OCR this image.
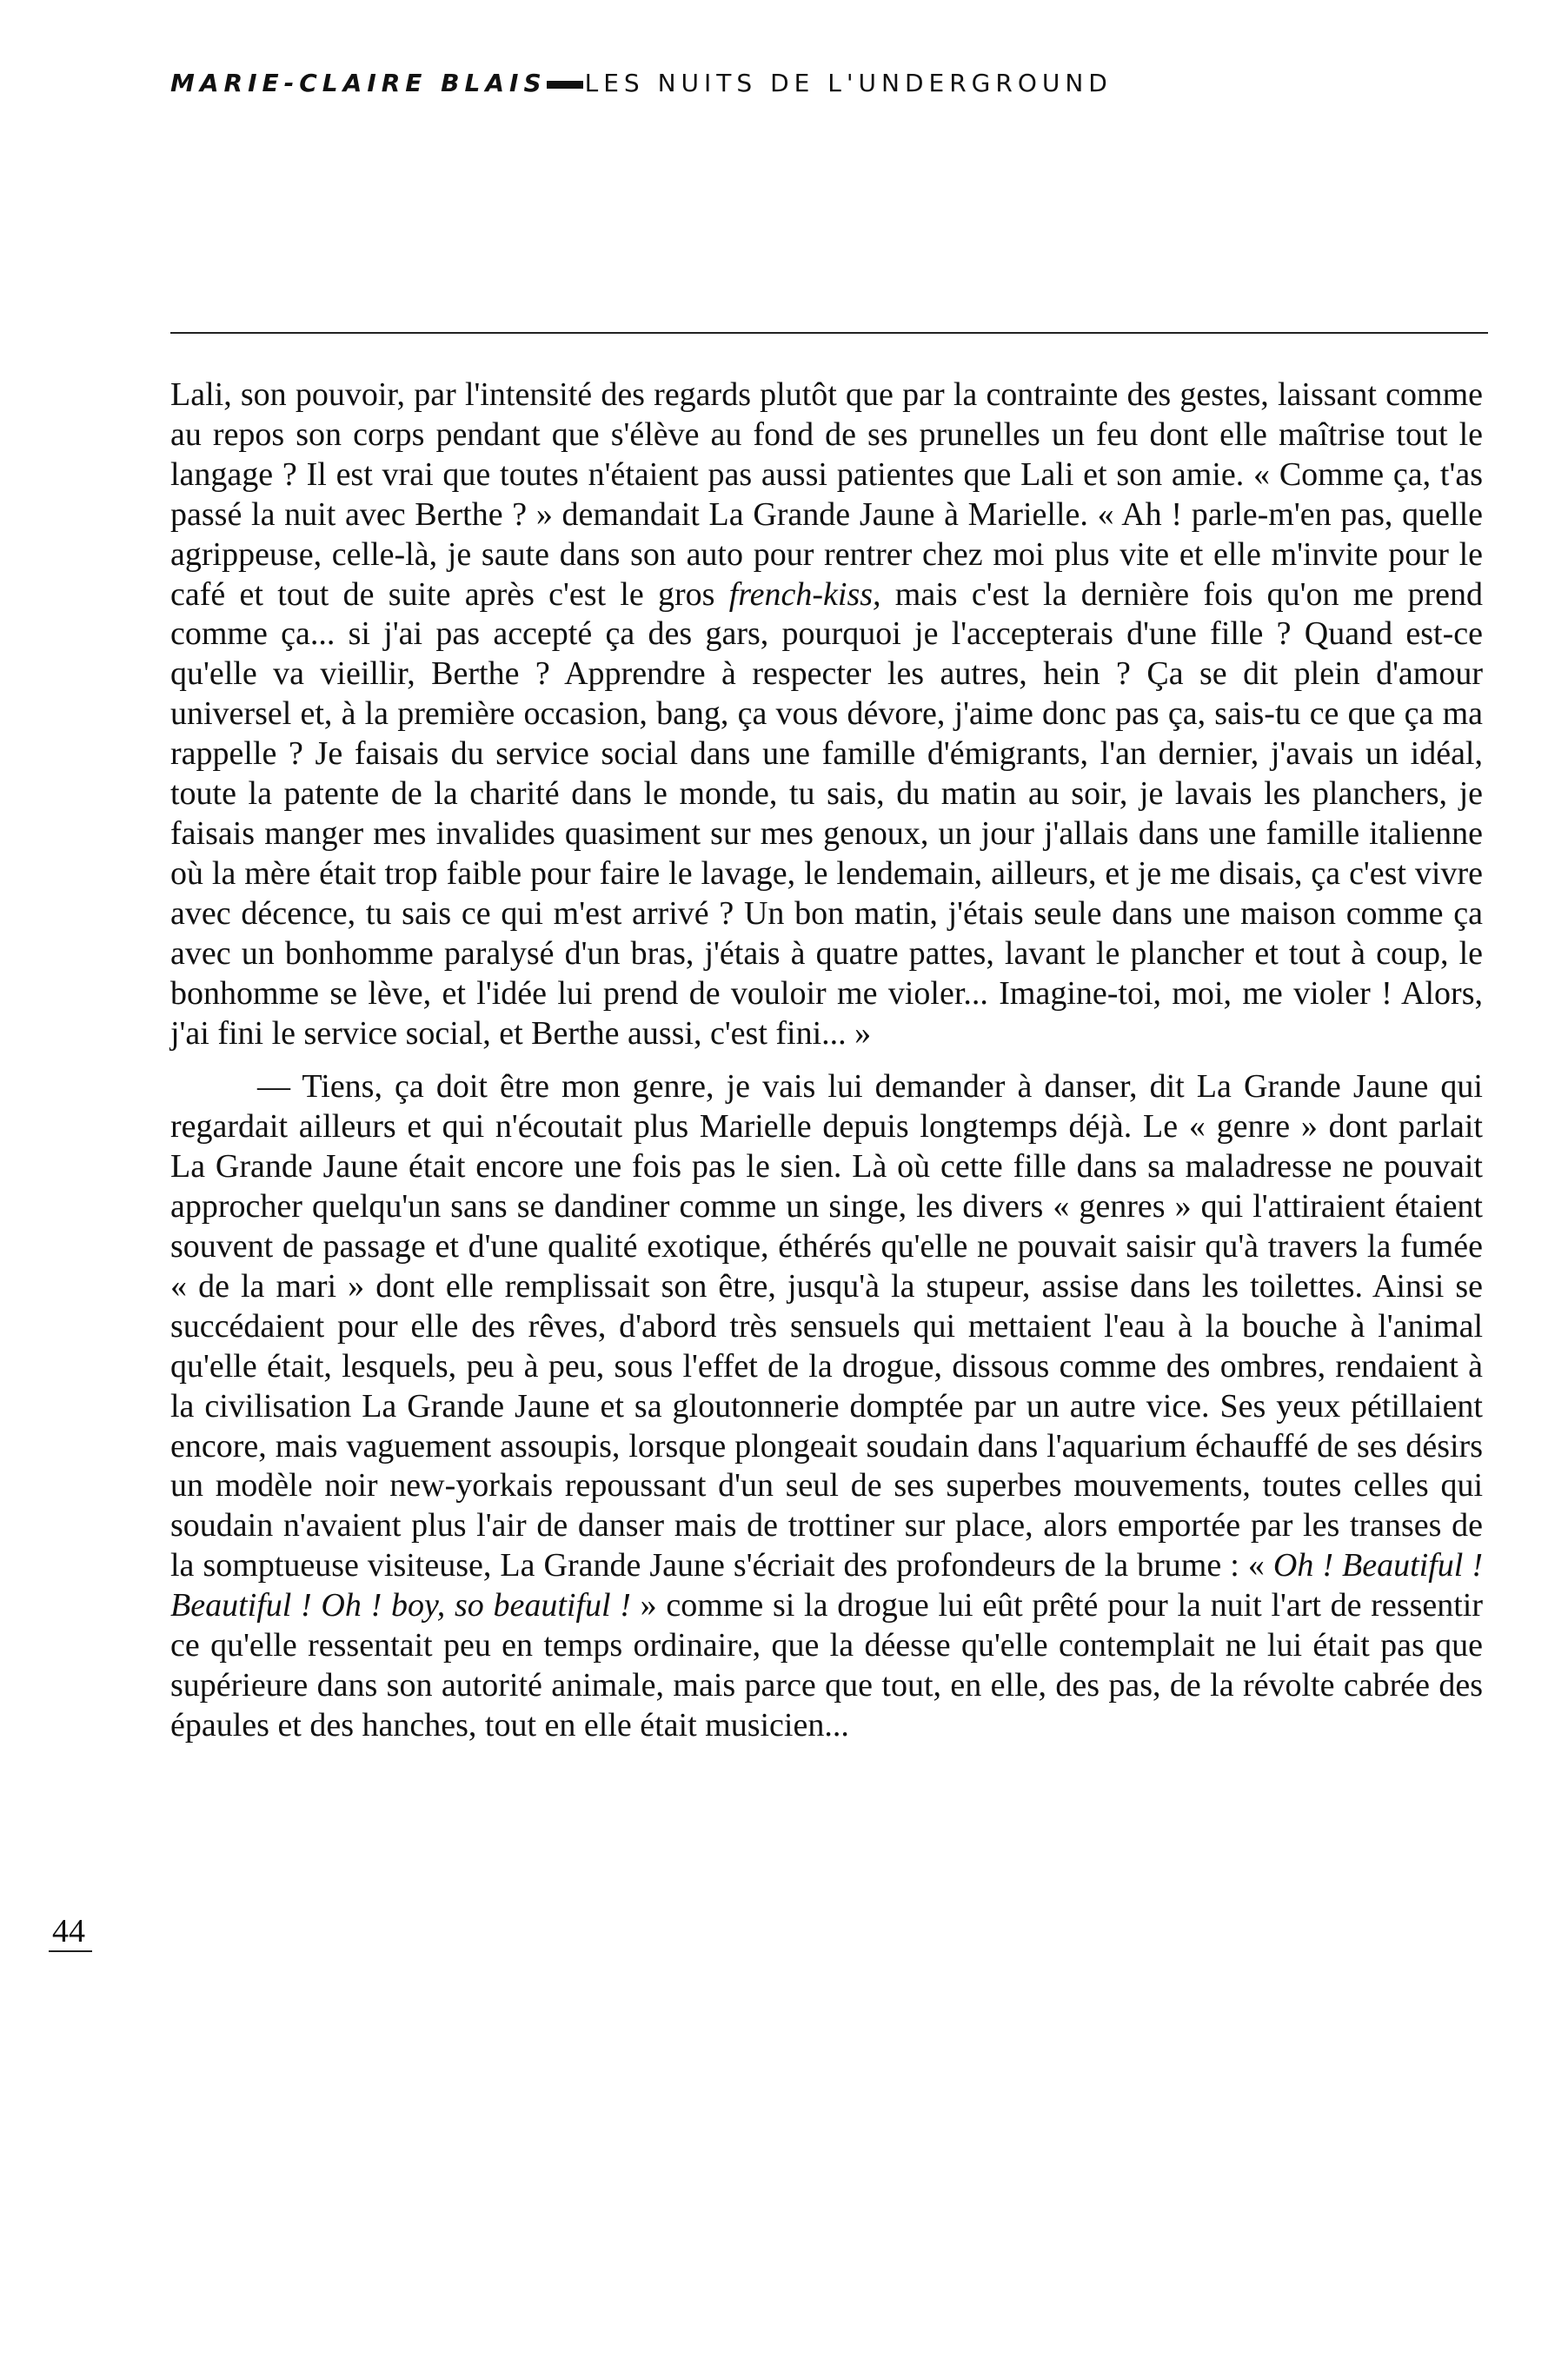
MARIE-CLAIRE BLAIS LES NUITS DE L'UNDERGROUND

Lali, son pouvoir, par l'intensité des regards plutôt que par la contrainte des gestes, laissant comme au repos son corps pendant que s'élève au fond de ses prunelles un feu dont elle maîtrise tout le langage ? Il est vrai que toutes n'étaient pas aussi patientes que Lali et son amie. « Comme ça, t'as passé la nuit avec Berthe ? » demandait La Grande Jaune à Marielle. « Ah ! parle-m'en pas, quelle agrippeuse, celle-là, je saute dans son auto pour rentrer chez moi plus vite et elle m'invite pour le café et tout de suite après c'est le gros french-kiss, mais c'est la dernière fois qu'on me prend comme ça... si j'ai pas accepté ça des gars, pourquoi je l'accepterais d'une fille ? Quand est-ce qu'elle va vieillir, Berthe ? Apprendre à respecter les autres, hein ? Ça se dit plein d'amour universel et, à la première occasion, bang, ça vous dévore, j'aime donc pas ça, sais-tu ce que ça ma rappelle ? Je faisais du service social dans une famille d'émigrants, l'an dernier, j'avais un idéal, toute la patente de la charité dans le monde, tu sais, du matin au soir, je lavais les planchers, je faisais manger mes invalides quasiment sur mes genoux, un jour j'allais dans une famille italienne où la mère était trop faible pour faire le lavage, le lendemain, ailleurs, et je me disais, ça c'est vivre avec décence, tu sais ce qui m'est arrivé ? Un bon matin, j'étais seule dans une maison comme ça avec un bonhomme paralysé d'un bras, j'étais à quatre pattes, lavant le plancher et tout à coup, le bonhomme se lève, et l'idée lui prend de vouloir me violer... Imagine-toi, moi, me violer ! Alors, j'ai fini le service social, et Berthe aussi, c'est fini... »

— Tiens, ça doit être mon genre, je vais lui demander à danser, dit La Grande Jaune qui regardait ailleurs et qui n'écoutait plus Marielle depuis longtemps déjà. Le « genre » dont parlait La Grande Jaune était encore une fois pas le sien. Là où cette fille dans sa maladresse ne pouvait approcher quelqu'un sans se dandiner comme un singe, les divers « genres » qui l'attiraient étaient souvent de passage et d'une qualité exotique, éthérés qu'elle ne pouvait saisir qu'à travers la fumée « de la mari » dont elle remplissait son être, jusqu'à la stupeur, assise dans les toilettes. Ainsi se succédaient pour elle des rêves, d'abord très sensuels qui mettaient l'eau à la bouche à l'animal qu'elle était, lesquels, peu à peu, sous l'effet de la drogue, dissous comme des ombres, rendaient à la civilisation La Grande Jaune et sa gloutonnerie domptée par un autre vice. Ses yeux pétillaient encore, mais vaguement assoupis, lorsque plongeait soudain dans l'aquarium échauffé de ses désirs un modèle noir new-yorkais repoussant d'un seul de ses superbes mouvements, toutes celles qui soudain n'avaient plus l'air de danser mais de trottiner sur place, alors emportée par les transes de la somptueuse visiteuse, La Grande Jaune s'écriait des profondeurs de la brume : « Oh ! Beautiful ! Beautiful ! Oh ! boy, so beautiful ! » comme si la drogue lui eût prêté pour la nuit l'art de ressentir ce qu'elle ressentait peu en temps ordinaire, que la déesse qu'elle contemplait ne lui était pas que supérieure dans son autorité animale, mais parce que tout, en elle, des pas, de la révolte cabrée des épaules et des hanches, tout en elle était musicien...

44
